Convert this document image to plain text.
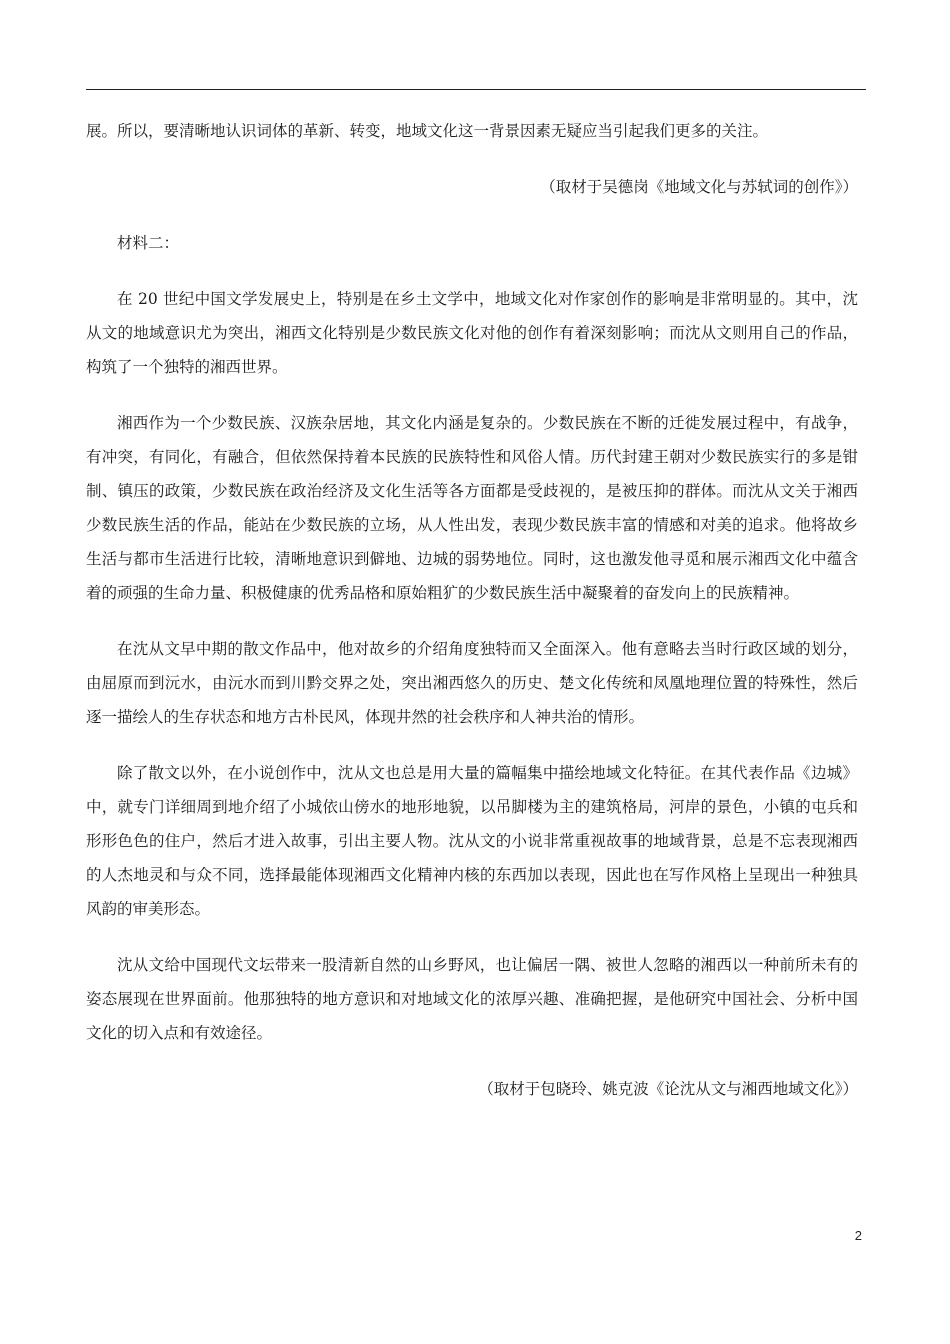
展。所以，要清晰地认识词体的革新、转变，地域文化这一背景因素无疑应当引起我们更多的关注。

（取材于吴德岗《地域文化与苏轼词的创作》）

材料二：

在 20 世纪中国文学发展史上，特别是在乡土文学中，地域文化对作家创作的影响是非常明显的。其中，沈从文的地域意识尤为突出，湘西文化特别是少数民族文化对他的创作有着深刻影响；而沈从文则用自己的作品，构筑了一个独特的湘西世界。

湘西作为一个少数民族、汉族杂居地，其文化内涵是复杂的。少数民族在不断的迁徙发展过程中，有战争，有冲突，有同化，有融合，但依然保持着本民族的民族特性和风俗人情。历代封建王朝对少数民族实行的多是钳制、镇压的政策，少数民族在政治经济及文化生活等各方面都是受歧视的，是被压抑的群体。而沈从文关于湘西少数民族生活的作品，能站在少数民族的立场，从人性出发，表现少数民族丰富的情感和对美的追求。他将故乡生活与都市生活进行比较，清晰地意识到僻地、边城的弱势地位。同时，这也激发他寻觅和展示湘西文化中蕴含着的顽强的生命力量、积极健康的优秀品格和原始粗犷的少数民族生活中凝聚着的奋发向上的民族精神。

在沈从文早中期的散文作品中，他对故乡的介绍角度独特而又全面深入。他有意略去当时行政区域的划分，由屈原而到沅水，由沅水而到川黔交界之处，突出湘西悠久的历史、楚文化传统和凤凰地理位置的特殊性，然后逐一描绘人的生存状态和地方古朴民风，体现井然的社会秩序和人神共治的情形。

除了散文以外，在小说创作中，沈从文也总是用大量的篇幅集中描绘地域文化特征。在其代表作品《边城》中，就专门详细周到地介绍了小城依山傍水的地形地貌，以吊脚楼为主的建筑格局，河岸的景色，小镇的屯兵和形形色色的住户，然后才进入故事，引出主要人物。沈从文的小说非常重视故事的地域背景，总是不忘表现湘西的人杰地灵和与众不同，选择最能体现湘西文化精神内核的东西加以表现，因此也在写作风格上呈现出一种独具风韵的审美形态。

沈从文给中国现代文坛带来一股清新自然的山乡野风，也让偏居一隅、被世人忽略的湘西以一种前所未有的姿态展现在世界面前。他那独特的地方意识和对地域文化的浓厚兴趣、准确把握，是他研究中国社会、分析中国文化的切入点和有效途径。

（取材于包晓玲、姚克波《论沈从文与湘西地域文化》）

2
